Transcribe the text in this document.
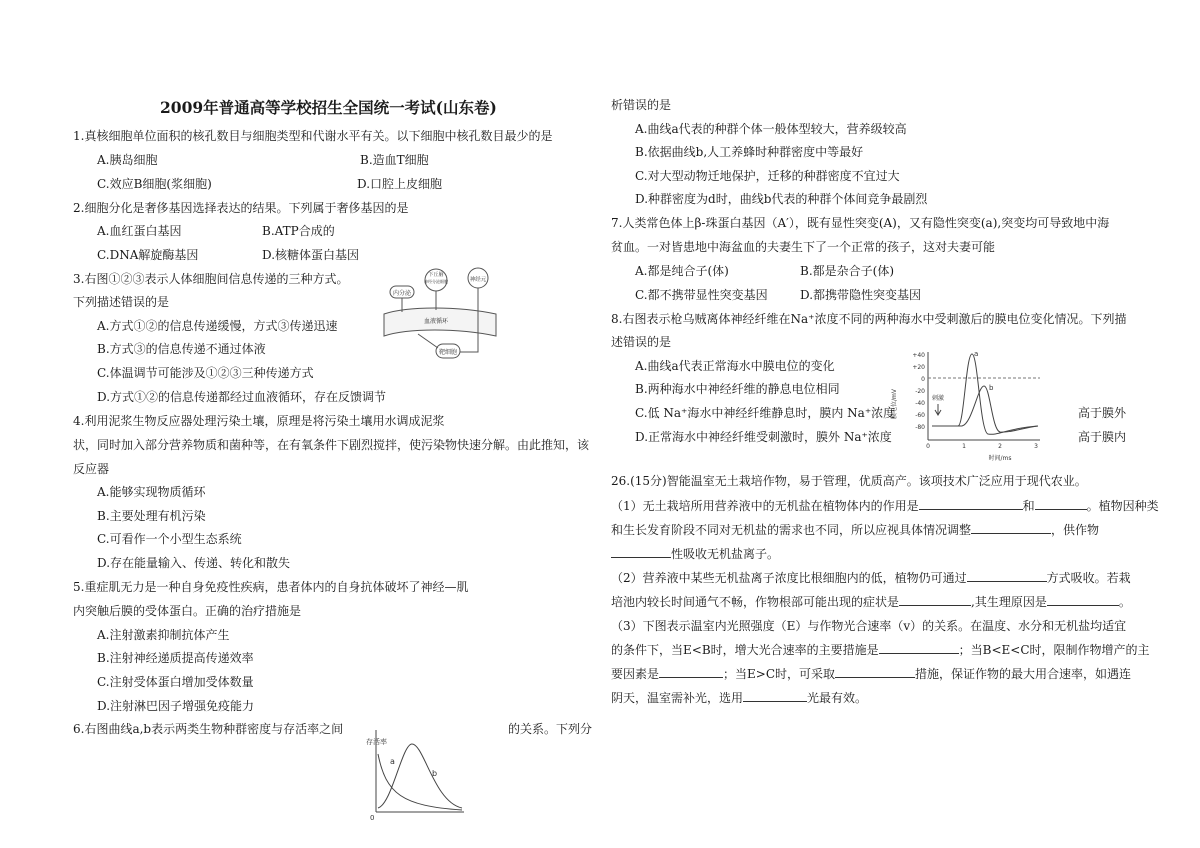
2009年普通高等学校招生全国统一考试(山东卷)
1.真核细胞单位面积的核孔数目与细胞类型和代谢水平有关。以下细胞中核孔数目最少的是
A.胰岛细胞	B.造血T细胞
C.效应B细胞(浆细胞)	D.口腔上皮细胞
2.细胞分化是奢侈基因选择表达的结果。下列属于奢侈基因的是
A.血红蛋白基因	B.ATP合成的
C.DNA解旋酶基因	D.核糖体蛋白基因
3.右图①②③表示人体细胞间信息传递的三种方式。
下列描述错误的是
A.方式①②的信息传递缓慢，方式③传递迅速
B.方式③的信息传递不通过体液
C.体温调节可能涉及①②③三种传递方式
D.方式①②的信息传递都经过血液循环，存在反馈调节
内分泌
下丘脑
神经分泌细胞	神经元
血液循环
靶细胞
4.利用泥浆生物反应器处理污染土壤，原理是将污染土壤用水调成泥浆
状，同时加入部分营养物质和菌种等，在有氧条件下剧烈搅拌，使污染物快速分解。由此推知，该
反应器
A.能够实现物质循环
B.主要处理有机污染
C.可看作一个小型生态系统
D.存在能量输入、传递、转化和散失
5.重症肌无力是一种自身免疫性疾病，患者体内的自身抗体破坏了神经—肌
内突触后膜的受体蛋白。正确的治疗措施是
A.注射激素抑制抗体产生
B.注射神经递质提高传递效率
C.注射受体蛋白增加受体数量
D.注射淋巴因子增强免疫能力
6.右图曲线a,b表示两类生物种群密度与存活率之间	的关系。下列分
存活率
a
b
0
析错误的是
A.曲线a代表的种群个体一般体型较大，营养级较高
B.依据曲线b,人工养蜂时种群密度中等最好
C.对大型动物迁地保护，迁移的种群密度不宜过大
D.种群密度为d时，曲线b代表的种群个体间竞争最剧烈
7.人类常色体上β-珠蛋白基因（A′），既有显性突变(A)，又有隐性突变(a),突变均可导致地中海
贫血。一对皆患地中海盆血的夫妻生下了一个正常的孩子，这对夫妻可能
A.都是纯合子(体)	B.都是杂合子(体)
C.都不携带显性突变基因	D.都携带隐性突变基因
8.右图表示枪乌贼离体神经纤维在Na⁺浓度不同的两种海水中受刺激后的膜电位变化情况。下列描
述错误的是
A.曲线a代表正常海水中膜电位的变化
B.两种海水中神经纤维的静息电位相同
C.低 Na⁺海水中神经纤维静息时，膜内 Na⁺浓度	高于膜外
D.正常海水中神经纤维受刺激时，膜外 Na⁺浓度	高于膜内
膜电位/mV
+40
+20
0
-20
-40
-60
-80
刺激
a
b
0	1	2	3
时间/ms
26.(15分)智能温室无土栽培作物，易于管理，优质高产。该项技术广泛应用于现代农业。
（1）无土栽培所用营养液中的无机盐在植物体内的作用是	和	。植物因种类
和生长发育阶段不同对无机盐的需求也不同，所以应视具体情况调整	，供作物
性吸收无机盐离子。
（2）营养液中某些无机盐离子浓度比根细胞内的低，植物仍可通过	方式吸收。若栽
培池内较长时间通气不畅，作物根部可能出现的症状是	,其生理原因是	。
（3）下图表示温室内光照强度（E）与作物光合速率（v）的关系。在温度、水分和无机盐均适宜
的条件下，当E<B时，增大光合速率的主要措施是	；当B<E<C时，限制作物增产的主
要因素是	；当E>C时，可采取	措施，保证作物的最大用合速率，如遇连
阴天，温室需补光，选用	光最有效。
